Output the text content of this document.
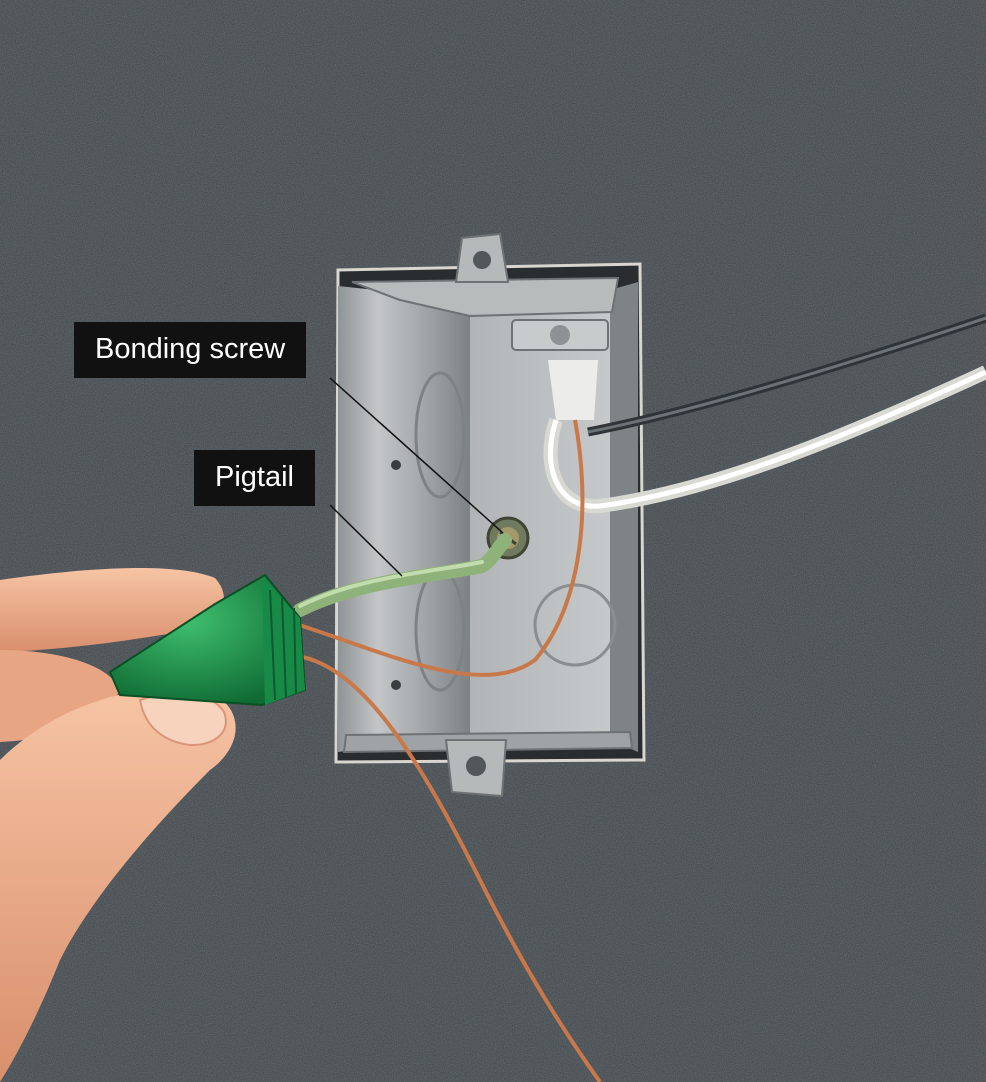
Bonding screw
Pigtail
